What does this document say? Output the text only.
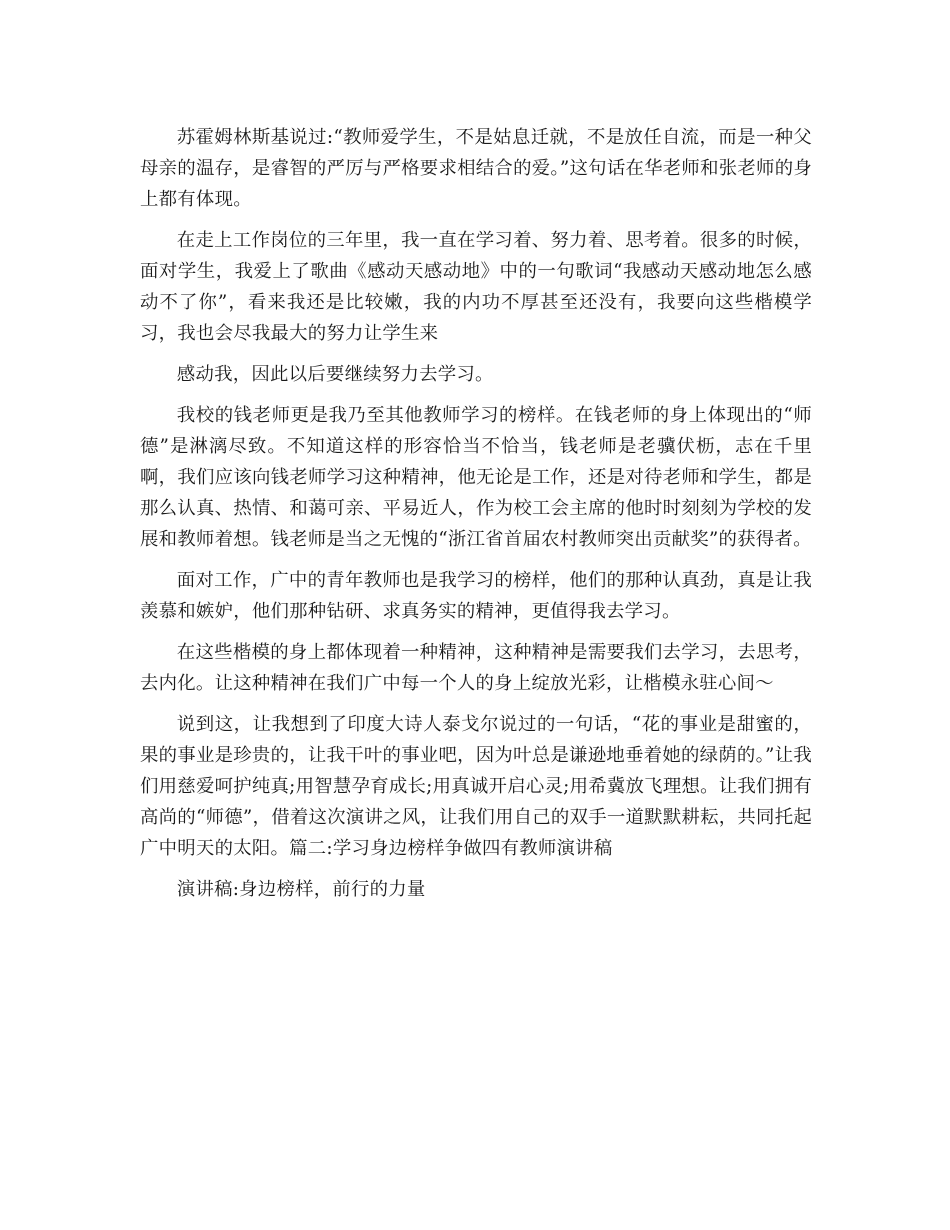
苏霍姆林斯基说过:“教师爱学生，不是姑息迁就，不是放任自流，而是一种父母亲的温存，是睿智的严厉与严格要求相结合的爱。”这句话在华老师和张老师的身上都有体现。

在走上工作岗位的三年里，我一直在学习着、努力着、思考着。很多的时候，面对学生，我爱上了歌曲《感动天感动地》中的一句歌词“我感动天感动地怎么感动不了你”，看来我还是比较嫩，我的内功不厚甚至还没有，我要向这些楷模学习，我也会尽我最大的努力让学生来

感动我，因此以后要继续努力去学习。

我校的钱老师更是我乃至其他教师学习的榜样。在钱老师的身上体现出的“师德”是淋漓尽致。不知道这样的形容恰当不恰当，钱老师是老骥伏枥，志在千里啊，我们应该向钱老师学习这种精神，他无论是工作，还是对待老师和学生，都是那么认真、热情、和蔼可亲、平易近人，作为校工会主席的他时时刻刻为学校的发展和教师着想。钱老师是当之无愧的“浙江省首届农村教师突出贡献奖”的获得者。

面对工作，广中的青年教师也是我学习的榜样，他们的那种认真劲，真是让我羡慕和嫉妒，他们那种钻研、求真务实的精神，更值得我去学习。

在这些楷模的身上都体现着一种精神，这种精神是需要我们去学习，去思考，去内化。让这种精神在我们广中每一个人的身上绽放光彩，让楷模永驻心间～

说到这，让我想到了印度大诗人泰戈尔说过的一句话，“花的事业是甜蜜的，果的事业是珍贵的，让我干叶的事业吧，因为叶总是谦逊地垂着她的绿荫的。”让我们用慈爱呵护纯真;用智慧孕育成长;用真诚开启心灵;用希冀放飞理想。让我们拥有高尚的“师德”，借着这次演讲之风，让我们用自己的双手一道默默耕耘，共同托起广中明天的太阳。篇二:学习身边榜样争做四有教师演讲稿

演讲稿:身边榜样，前行的力量
